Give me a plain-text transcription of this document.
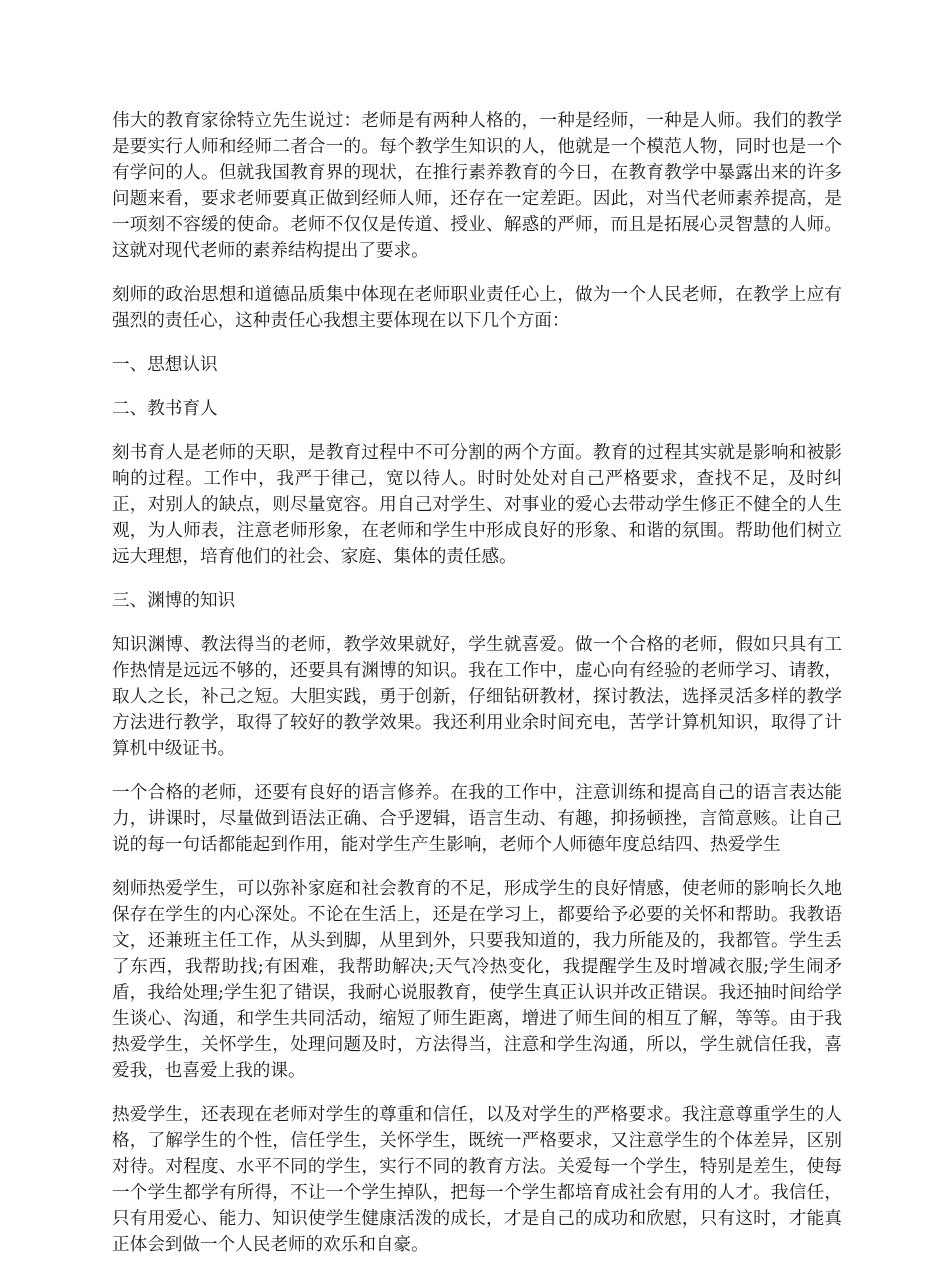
伟大的教育家徐特立先生说过：老师是有两种人格的，一种是经师，一种是人师。我们的教学是要实行人师和经师二者合一的。每个教学生知识的人，他就是一个模范人物，同时也是一个有学问的人。但就我国教育界的现状，在推行素养教育的今日，在教育教学中暴露出来的许多问题来看，要求老师要真正做到经师人师，还存在一定差距。因此，对当代老师素养提高，是一项刻不容缓的使命。老师不仅仅是传道、授业、解惑的严师，而且是拓展心灵智慧的人师。这就对现代老师的素养结构提出了要求。

刻师的政治思想和道德品质集中体现在老师职业责任心上，做为一个人民老师，在教学上应有强烈的责任心，这种责任心我想主要体现在以下几个方面：

一、思想认识

二、教书育人

刻书育人是老师的天职，是教育过程中不可分割的两个方面。教育的过程其实就是影响和被影响的过程。工作中，我严于律己，宽以待人。时时处处对自己严格要求，查找不足，及时纠正，对别人的缺点，则尽量宽容。用自己对学生、对事业的爱心去带动学生修正不健全的人生观，为人师表，注意老师形象，在老师和学生中形成良好的形象、和谐的氛围。帮助他们树立远大理想，培育他们的社会、家庭、集体的责任感。

三、渊博的知识

知识渊博、教法得当的老师，教学效果就好，学生就喜爱。做一个合格的老师，假如只具有工作热情是远远不够的，还要具有渊博的知识。我在工作中，虚心向有经验的老师学习、请教，取人之长，补己之短。大胆实践，勇于创新，仔细钻研教材，探讨教法，选择灵活多样的教学方法进行教学，取得了较好的教学效果。我还利用业余时间充电，苦学计算机知识，取得了计算机中级证书。

一个合格的老师，还要有良好的语言修养。在我的工作中，注意训练和提高自己的语言表达能力，讲课时，尽量做到语法正确、合乎逻辑，语言生动、有趣，抑扬顿挫，言简意赅。让自己说的每一句话都能起到作用，能对学生产生影响，老师个人师德年度总结四、热爱学生

刻师热爱学生，可以弥补家庭和社会教育的不足，形成学生的良好情感，使老师的影响长久地保存在学生的内心深处。不论在生活上，还是在学习上，都要给予必要的关怀和帮助。我教语文，还兼班主任工作，从头到脚，从里到外，只要我知道的，我力所能及的，我都管。学生丢了东西，我帮助找;有困难，我帮助解决;天气冷热变化，我提醒学生及时增减衣服;学生闹矛盾，我给处理;学生犯了错误，我耐心说服教育，使学生真正认识并改正错误。我还抽时间给学生谈心、沟通，和学生共同活动，缩短了师生距离，增进了师生间的相互了解，等等。由于我热爱学生，关怀学生，处理问题及时，方法得当，注意和学生沟通，所以，学生就信任我，喜爱我，也喜爱上我的课。

热爱学生，还表现在老师对学生的尊重和信任，以及对学生的严格要求。我注意尊重学生的人格，了解学生的个性，信任学生，关怀学生，既统一严格要求，又注意学生的个体差异，区别对待。对程度、水平不同的学生，实行不同的教育方法。关爱每一个学生，特别是差生，使每一个学生都学有所得，不让一个学生掉队，把每一个学生都培育成社会有用的人才。我信任，只有用爱心、能力、知识使学生健康活泼的成长，才是自己的成功和欣慰，只有这时，才能真正体会到做一个人民老师的欢乐和自豪。
